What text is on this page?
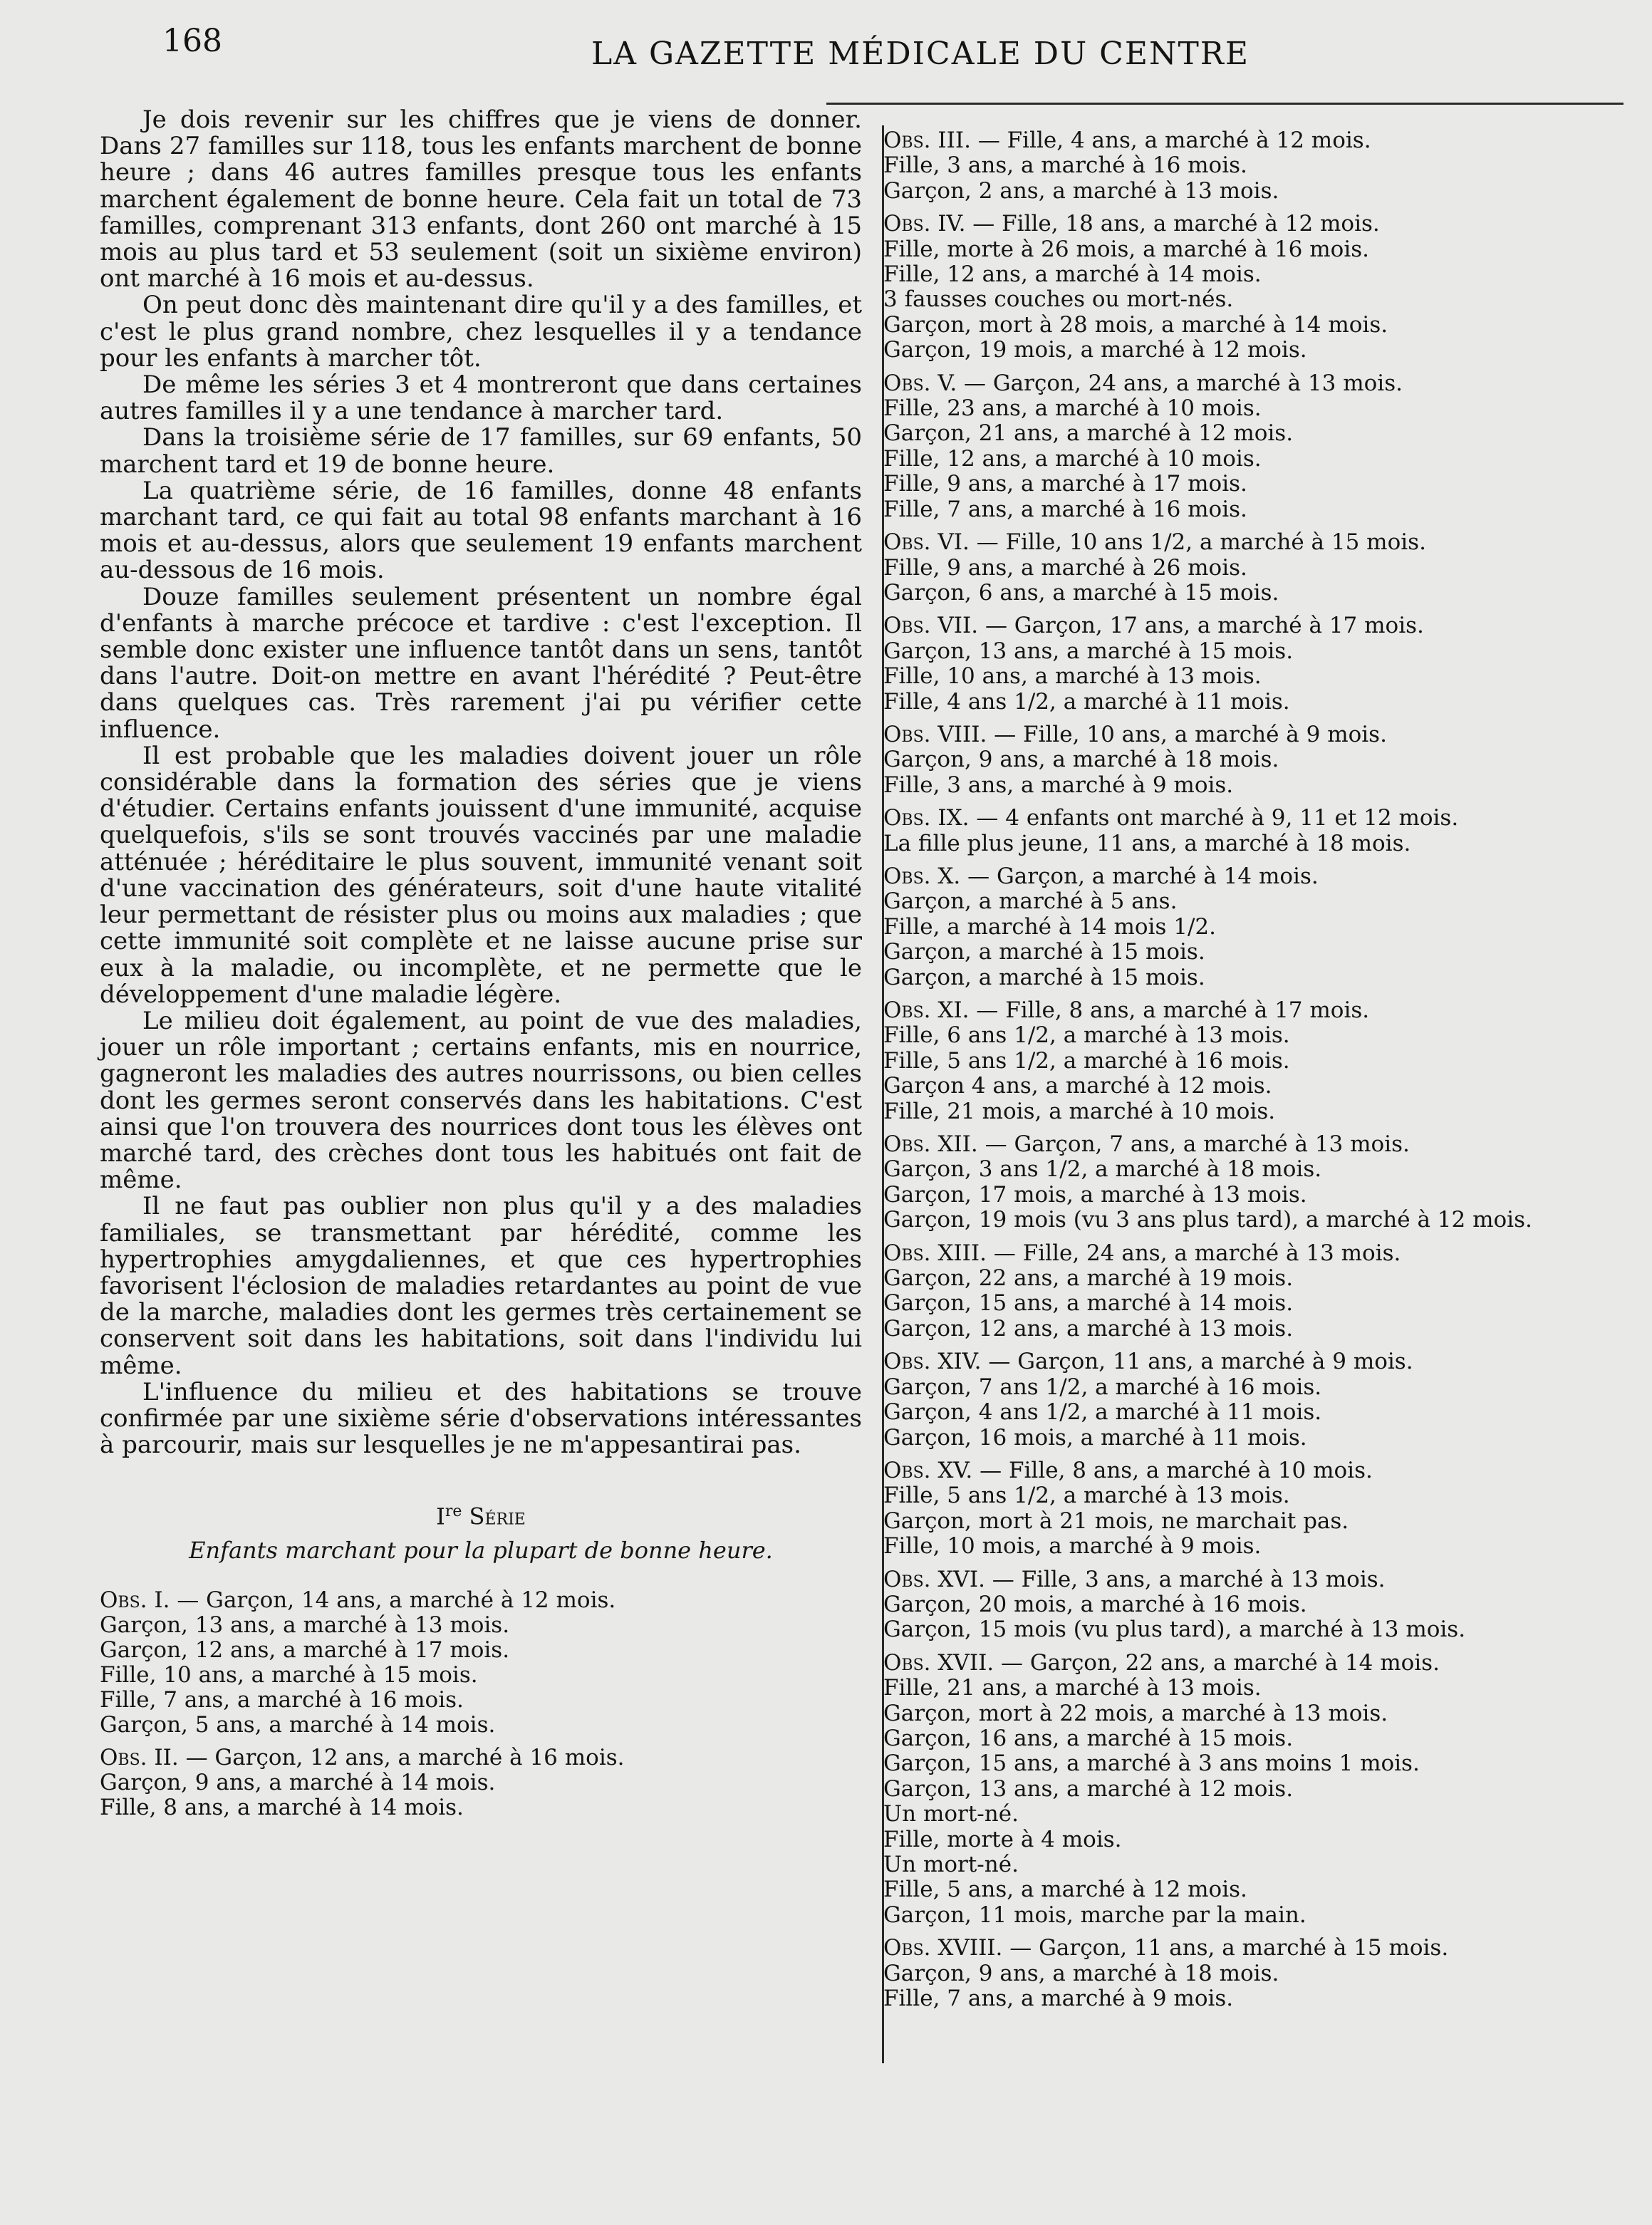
168	LA GAZETTE MÉDICALE DU CENTRE

Je dois revenir sur les chiffres que je viens de donner. Dans 27 familles sur 118, tous les enfants marchent de bonne heure ; dans 46 autres familles presque tous les enfants marchent également de bonne heure. Cela fait un total de 73 familles, comprenant 313 enfants, dont 260 ont marché à 15 mois au plus tard et 53 seulement (soit un sixième environ) ont marché à 16 mois et au-dessus.

On peut donc dès maintenant dire qu'il y a des familles, et c'est le plus grand nombre, chez lesquelles il y a tendance pour les enfants à marcher tôt.

De même les séries 3 et 4 montreront que dans certaines autres familles il y a une tendance à marcher tard.

Dans la troisième série de 17 familles, sur 69 enfants, 50 marchent tard et 19 de bonne heure.

La quatrième série, de 16 familles, donne 48 enfants marchant tard, ce qui fait au total 98 enfants marchant à 16 mois et au-dessus, alors que seulement 19 enfants marchent au-dessous de 16 mois.

Douze familles seulement présentent un nombre égal d'enfants à marche précoce et tardive : c'est l'exception. Il semble donc exister une influence tantôt dans un sens, tantôt dans l'autre. Doit-on mettre en avant l'hérédité ? Peut-être dans quelques cas. Très rarement j'ai pu vérifier cette influence.

Il est probable que les maladies doivent jouer un rôle considérable dans la formation des séries que je viens d'étudier. Certains enfants jouissent d'une immunité, acquise quelquefois, s'ils se sont trouvés vaccinés par une maladie atténuée ; héréditaire le plus souvent, immunité venant soit d'une vaccination des générateurs, soit d'une haute vitalité leur permettant de résister plus ou moins aux maladies ; que cette immunité soit complète et ne laisse aucune prise sur eux à la maladie, ou incomplète, et ne permette que le développement d'une maladie légère.

Le milieu doit également, au point de vue des maladies, jouer un rôle important ; certains enfants, mis en nourrice, gagneront les maladies des autres nourrissons, ou bien celles dont les germes seront conservés dans les habitations. C'est ainsi que l'on trouvera des nourrices dont tous les élèves ont marché tard, des crèches dont tous les habitués ont fait de même.

Il ne faut pas oublier non plus qu'il y a des maladies familiales, se transmettant par hérédité, comme les hypertrophies amygdaliennes, et que ces hypertrophies favorisent l'éclosion de maladies retardantes au point de vue de la marche, maladies dont les germes très certainement se conservent soit dans les habitations, soit dans l'individu lui même.

L'influence du milieu et des habitations se trouve confirmée par une sixième série d'observations intéressantes à parcourir, mais sur lesquelles je ne m'appesantirai pas.

Ire Série
Enfants marchant pour la plupart de bonne heure.
Obs. I. — Garçon, 14 ans, a marché à 12 mois.
Garçon, 13 ans, a marché à 13 mois.
Garçon, 12 ans, a marché à 17 mois.
Fille, 10 ans, a marché à 15 mois.
Fille, 7 ans, a marché à 16 mois.
Garçon, 5 ans, a marché à 14 mois.
Obs. II. — Garçon, 12 ans, a marché à 16 mois.
Garçon, 9 ans, a marché à 14 mois.
Fille, 8 ans, a marché à 14 mois.
Obs. III. — Fille, 4 ans, a marché à 12 mois.
Fille, 3 ans, a marché à 16 mois.
Garçon, 2 ans, a marché à 13 mois.
Obs. IV. — Fille, 18 ans, a marché à 12 mois.
Fille, morte à 26 mois, a marché à 16 mois.
Fille, 12 ans, a marché à 14 mois.
3 fausses couches ou mort-nés.
Garçon, mort à 28 mois, a marché à 14 mois.
Garçon, 19 mois, a marché à 12 mois.
Obs. V. — Garçon, 24 ans, a marché à 13 mois.
Fille, 23 ans, a marché à 10 mois.
Garçon, 21 ans, a marché à 12 mois.
Fille, 12 ans, a marché à 10 mois.
Fille, 9 ans, a marché à 17 mois.
Fille, 7 ans, a marché à 16 mois.
Obs. VI. — Fille, 10 ans 1/2, a marché à 15 mois.
Fille, 9 ans, a marché à 26 mois.
Garçon, 6 ans, a marché à 15 mois.
Obs. VII. — Garçon, 17 ans, a marché à 17 mois.
Garçon, 13 ans, a marché à 15 mois.
Fille, 10 ans, a marché à 13 mois.
Fille, 4 ans 1/2, a marché à 11 mois.
Obs. VIII. — Fille, 10 ans, a marché à 9 mois.
Garçon, 9 ans, a marché à 18 mois.
Fille, 3 ans, a marché à 9 mois.
Obs. IX. — 4 enfants ont marché à 9, 11 et 12 mois.
La fille plus jeune, 11 ans, a marché à 18 mois.
Obs. X. — Garçon, a marché à 14 mois.
Garçon, a marché à 5 ans.
Fille, a marché à 14 mois 1/2.
Garçon, a marché à 15 mois.
Garçon, a marché à 15 mois.
Obs. XI. — Fille, 8 ans, a marché à 17 mois.
Fille, 6 ans 1/2, a marché à 13 mois.
Fille, 5 ans 1/2, a marché à 16 mois.
Garçon 4 ans, a marché à 12 mois.
Fille, 21 mois, a marché à 10 mois.
Obs. XII. — Garçon, 7 ans, a marché à 13 mois.
Garçon, 3 ans 1/2, a marché à 18 mois.
Garçon, 17 mois, a marché à 13 mois.
Garçon, 19 mois (vu 3 ans plus tard), a marché à 12 mois.
Obs. XIII. — Fille, 24 ans, a marché à 13 mois.
Garçon, 22 ans, a marché à 19 mois.
Garçon, 15 ans, a marché à 14 mois.
Garçon, 12 ans, a marché à 13 mois.
Obs. XIV. — Garçon, 11 ans, a marché à 9 mois.
Garçon, 7 ans 1/2, a marché à 16 mois.
Garçon, 4 ans 1/2, a marché à 11 mois.
Garçon, 16 mois, a marché à 11 mois.
Obs. XV. — Fille, 8 ans, a marché à 10 mois.
Fille, 5 ans 1/2, a marché à 13 mois.
Garçon, mort à 21 mois, ne marchait pas.
Fille, 10 mois, a marché à 9 mois.
Obs. XVI. — Fille, 3 ans, a marché à 13 mois.
Garçon, 20 mois, a marché à 16 mois.
Garçon, 15 mois (vu plus tard), a marché à 13 mois.
Obs. XVII. — Garçon, 22 ans, a marché à 14 mois.
Fille, 21 ans, a marché à 13 mois.
Garçon, mort à 22 mois, a marché à 13 mois.
Garçon, 16 ans, a marché à 15 mois.
Garçon, 15 ans, a marché à 3 ans moins 1 mois.
Garçon, 13 ans, a marché à 12 mois.
Un mort-né.
Fille, morte à 4 mois.
Un mort-né.
Fille, 5 ans, a marché à 12 mois.
Garçon, 11 mois, marche par la main.
Obs. XVIII. — Garçon, 11 ans, a marché à 15 mois.
Garçon, 9 ans, a marché à 18 mois.
Fille, 7 ans, a marché à 9 mois.
